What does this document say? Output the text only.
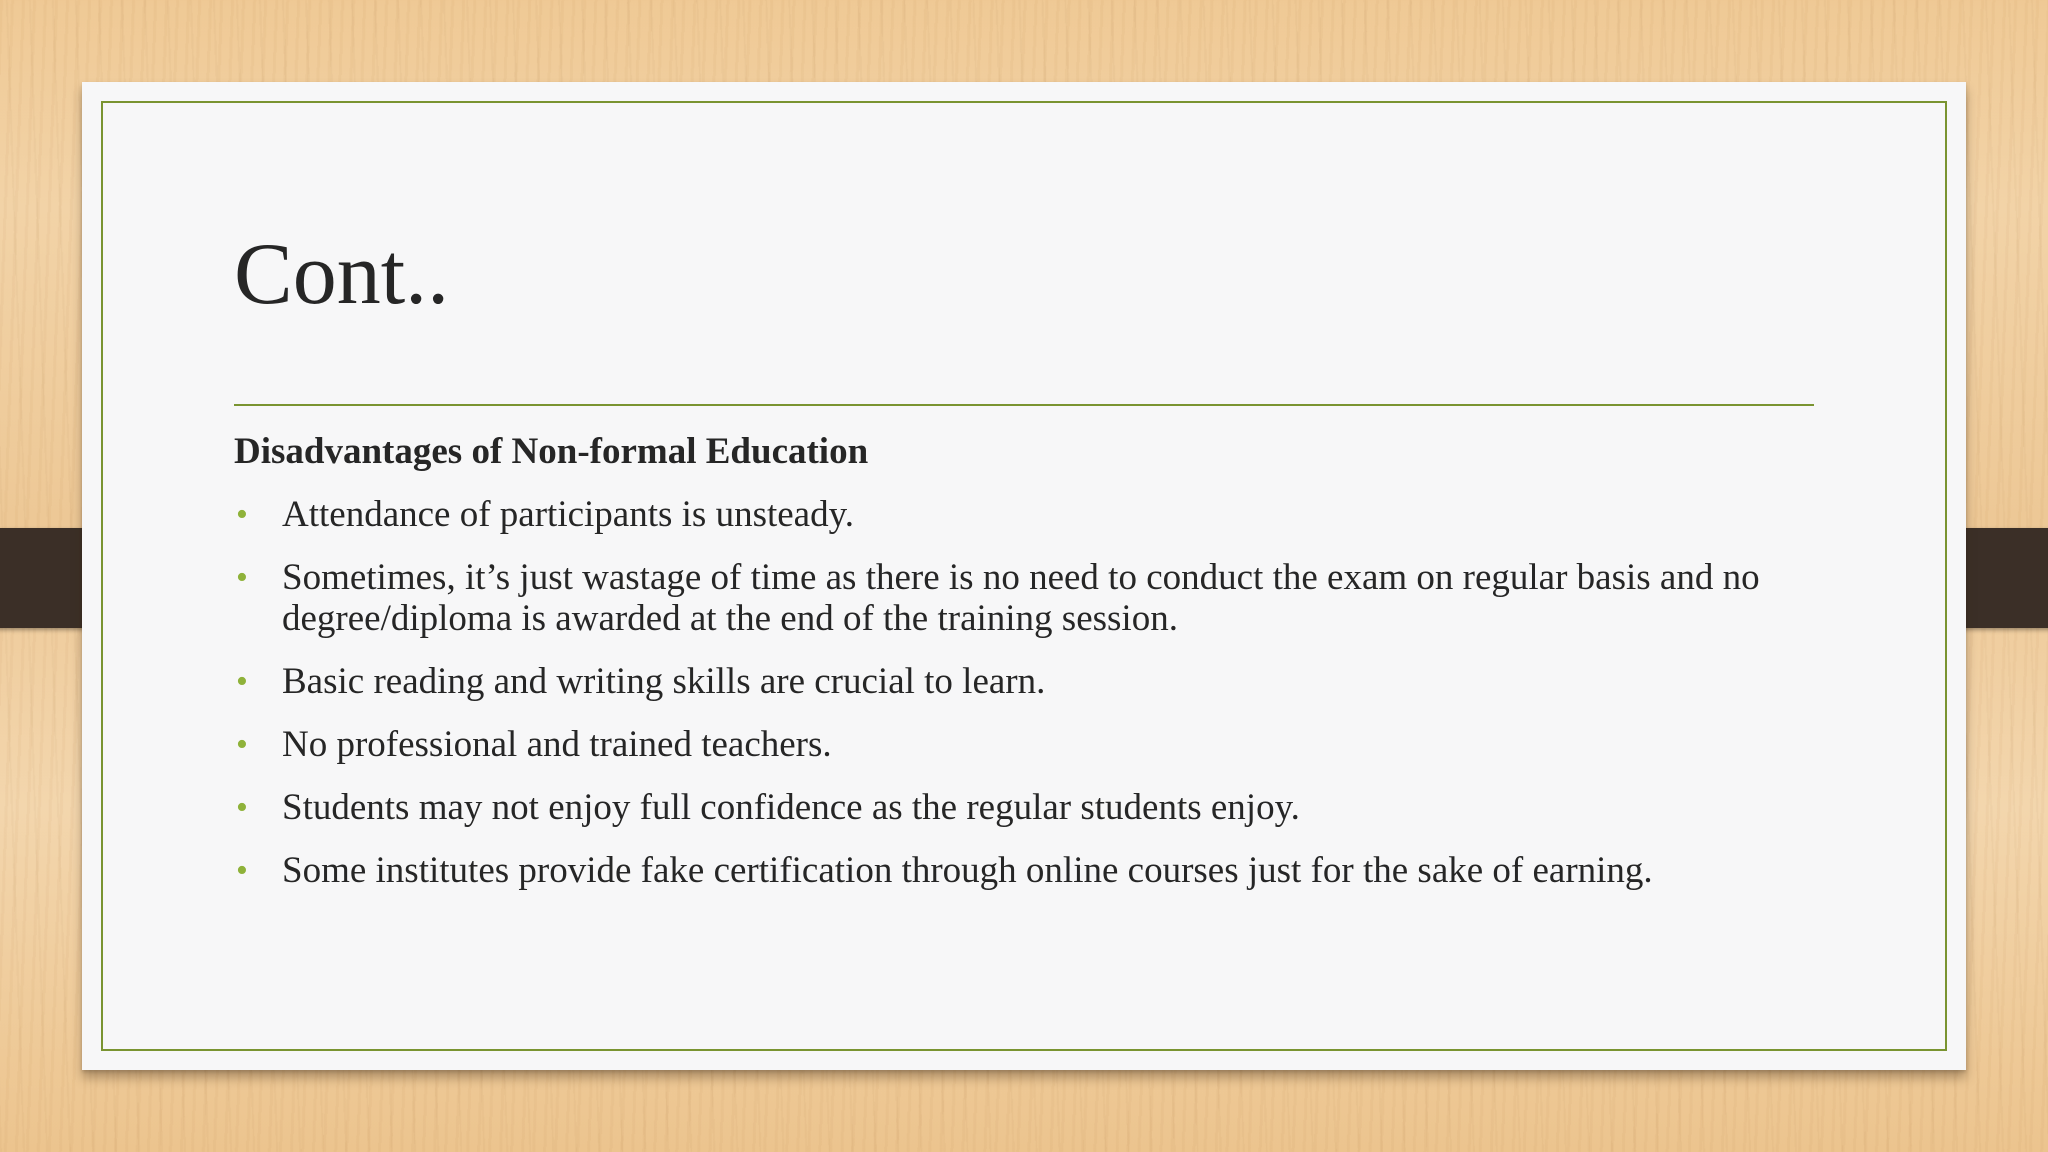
Cont..
Disadvantages of Non-formal Education
• Attendance of participants is unsteady.
• Sometimes, it’s just wastage of time as there is no need to conduct the exam on regular basis and no degree/diploma is awarded at the end of the training session.
• Basic reading and writing skills are crucial to learn.
• No professional and trained teachers.
• Students may not enjoy full confidence as the regular students enjoy.
• Some institutes provide fake certification through online courses just for the sake of earning.
